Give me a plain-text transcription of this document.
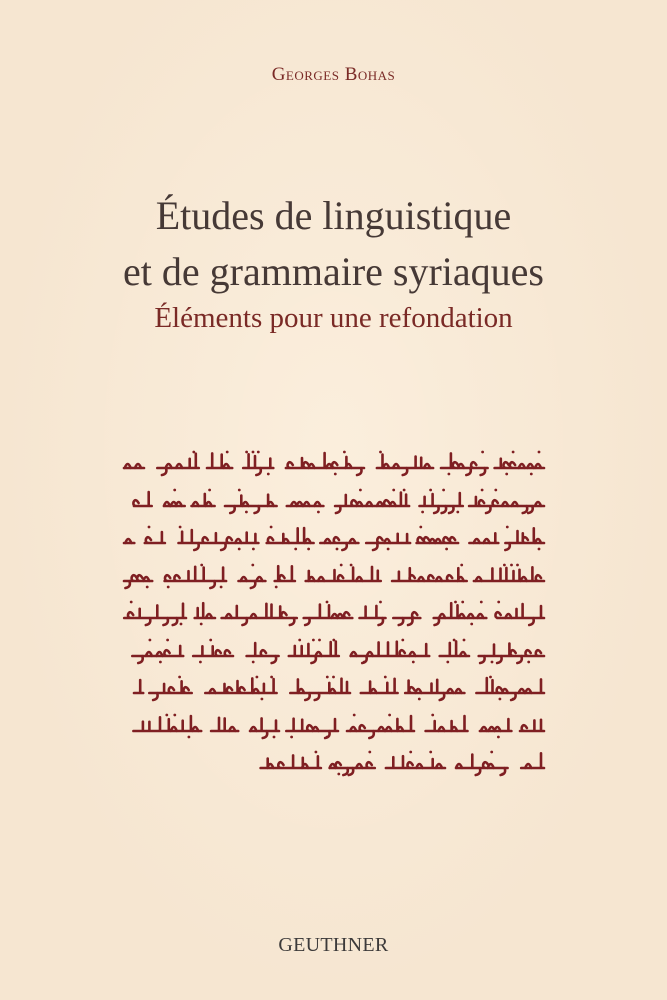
Georges Bohas
Études de linguistique
et de grammaire syriaques
Éléments pour une refondation
GEUTHNER
